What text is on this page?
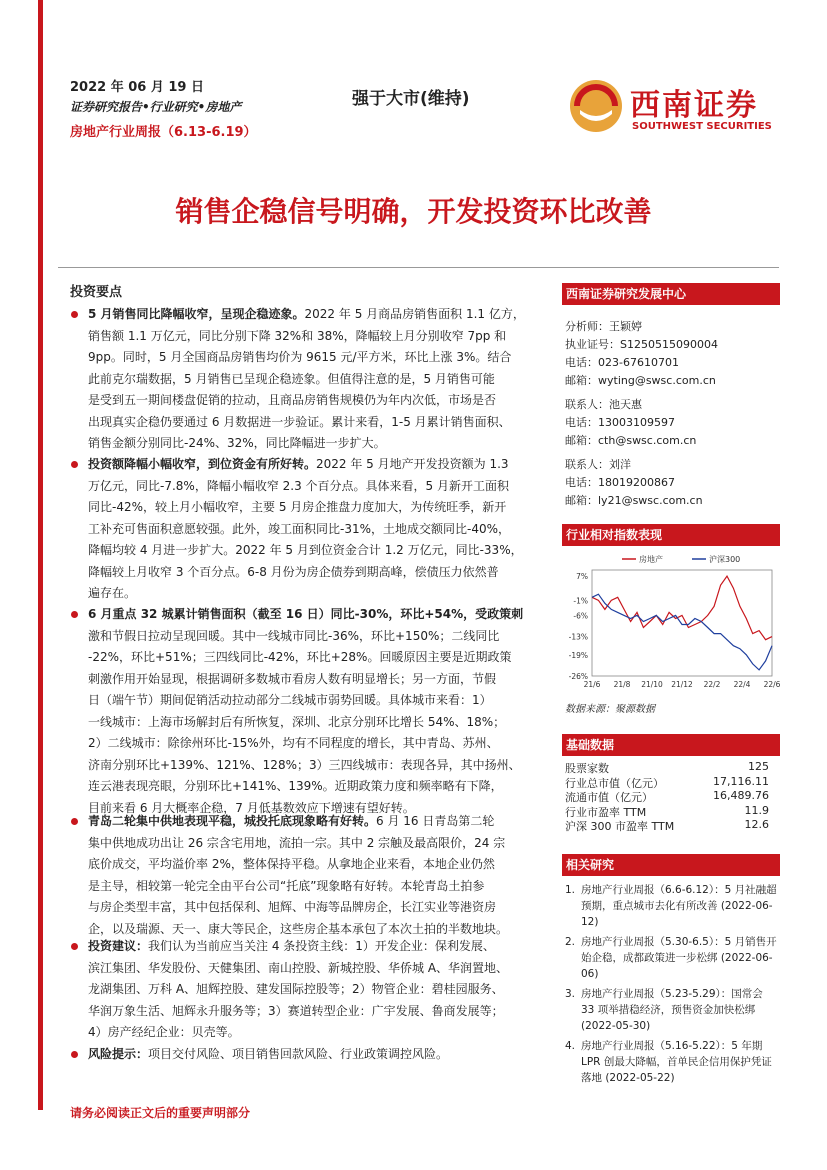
2022 年 06 月 19 日
证券研究报告•行业研究•房地产
房地产行业周报（6.13-6.19）
强于大市(维持)	西南证券
SOUTHWEST SECURITIES
销售企稳信号明确，开发投资环比改善
投资要点
5 月销售同比降幅收窄，呈现企稳迹象。2022 年 5 月商品房销售面积 1.1 亿方，
销售额 1.1 万亿元，同比分别下降 32%和 38%，降幅较上月分别收窄 7pp 和
9pp。同时，5 月全国商品房销售均价为 9615 元/平方米，环比上涨 3%。结合
此前克尔瑞数据，5 月销售已呈现企稳迹象。但值得注意的是，5 月销售可能
是受到五一期间楼盘促销的拉动，且商品房销售规模仍为年内次低，市场是否
出现真实企稳仍要通过 6 月数据进一步验证。累计来看，1-5 月累计销售面积、
销售金额分别同比-24%、32%，同比降幅进一步扩大。
投资额降幅小幅收窄，到位资金有所好转。2022 年 5 月地产开发投资额为 1.3
万亿元，同比-7.8%，降幅小幅收窄 2.3 个百分点。具体来看，5 月新开工面积
同比-42%，较上月小幅收窄，主要 5 月房企推盘力度加大，为传统旺季，新开
工补充可售面积意愿较强。此外，竣工面积同比-31%，土地成交额同比-40%，
降幅均较 4 月进一步扩大。2022 年 5 月到位资金合计 1.2 万亿元，同比-33%，
降幅较上月收窄 3 个百分点。6-8 月份为房企债券到期高峰，偿债压力依然普
遍存在。
6 月重点 32 城累计销售面积（截至 16 日）同比-30%，环比+54%，受政策刺
激和节假日拉动呈现回暖。其中一线城市同比-36%，环比+150%；二线同比
-22%，环比+51%；三四线同比-42%，环比+28%。回暖原因主要是近期政策
刺激作用开始显现，根据调研多数城市看房人数有明显增长；另一方面，节假
日（端午节）期间促销活动拉动部分二线城市弱势回暖。具体城市来看：1）
一线城市：上海市场解封后有所恢复，深圳、北京分别环比增长 54%、18%；
2）二线城市：除徐州环比-15%外，均有不同程度的增长，其中青岛、苏州、
济南分别环比+139%、121%、128%；3）三四线城市：表现各异，其中扬州、
连云港表现亮眼，分别环比+141%、139%。近期政策力度和频率略有下降，
目前来看 6 月大概率企稳，7 月低基数效应下增速有望好转。
青岛二轮集中供地表现平稳，城投托底现象略有好转。6 月 16 日青岛第二轮
集中供地成功出让 26 宗含宅用地，流拍一宗。其中 2 宗触及最高限价，24 宗
底价成交，平均溢价率 2%，整体保持平稳。从拿地企业来看，本地企业仍然
是主导，相较第一轮完全由平台公司“托底”现象略有好转。本轮青岛土拍参
与房企类型丰富，其中包括保利、旭辉、中海等品牌房企，长江实业等港资房
企，以及瑞源、天一、康大等民企，这些房企基本承包了本次土拍的半数地块。
投资建议：我们认为当前应当关注 4 条投资主线：1）开发企业：保利发展、
滨江集团、华发股份、天健集团、南山控股、新城控股、华侨城 A、华润置地、
龙湖集团、万科 A、旭辉控股、建发国际控股等；2）物管企业：碧桂园服务、
华润万象生活、旭辉永升服务等；3）赛道转型企业：广宇发展、鲁商发展等；
4）房产经纪企业：贝壳等。
风险提示：项目交付风险、项目销售回款风险、行业政策调控风险。
西南证券研究发展中心
分析师：王颖婷
执业证号：S1250515090004
电话：023-67610701
邮箱：wyting@swsc.com.cn
联系人：池天惠
电话：13003109597
邮箱：cth@swsc.com.cn
联系人：刘洋
电话：18019200867
邮箱：ly21@swsc.com.cn
行业相对指数表现
7%
-1%
-6%
-13%
-19%
-26%
21/6 21/8 21/10 21/12 22/2 22/4 22/6
房地产	沪深300
数据来源：聚源数据
基础数据
股票家数	125
行业总市值（亿元）	17,116.11
流通市值（亿元）	16,489.76
行业市盈率 TTM	11.9
沪深 300 市盈率 TTM	12.6
相关研究
1. 房地产行业周报（6.6-6.12）：5 月社融超预期，重点城市去化有所改善 (2022-06-12)
2. 房地产行业周报（5.30-6.5）：5 月销售开始企稳，成都政策进一步松绑 (2022-06-06)
3. 房地产行业周报（5.23-5.29）：国常会 33 项举措稳经济，预售资金加快松绑 (2022-05-30)
4. 房地产行业周报（5.16-5.22）：5 年期 LPR 创最大降幅，首单民企信用保护凭证落地 (2022-05-22)
请务必阅读正文后的重要声明部分
